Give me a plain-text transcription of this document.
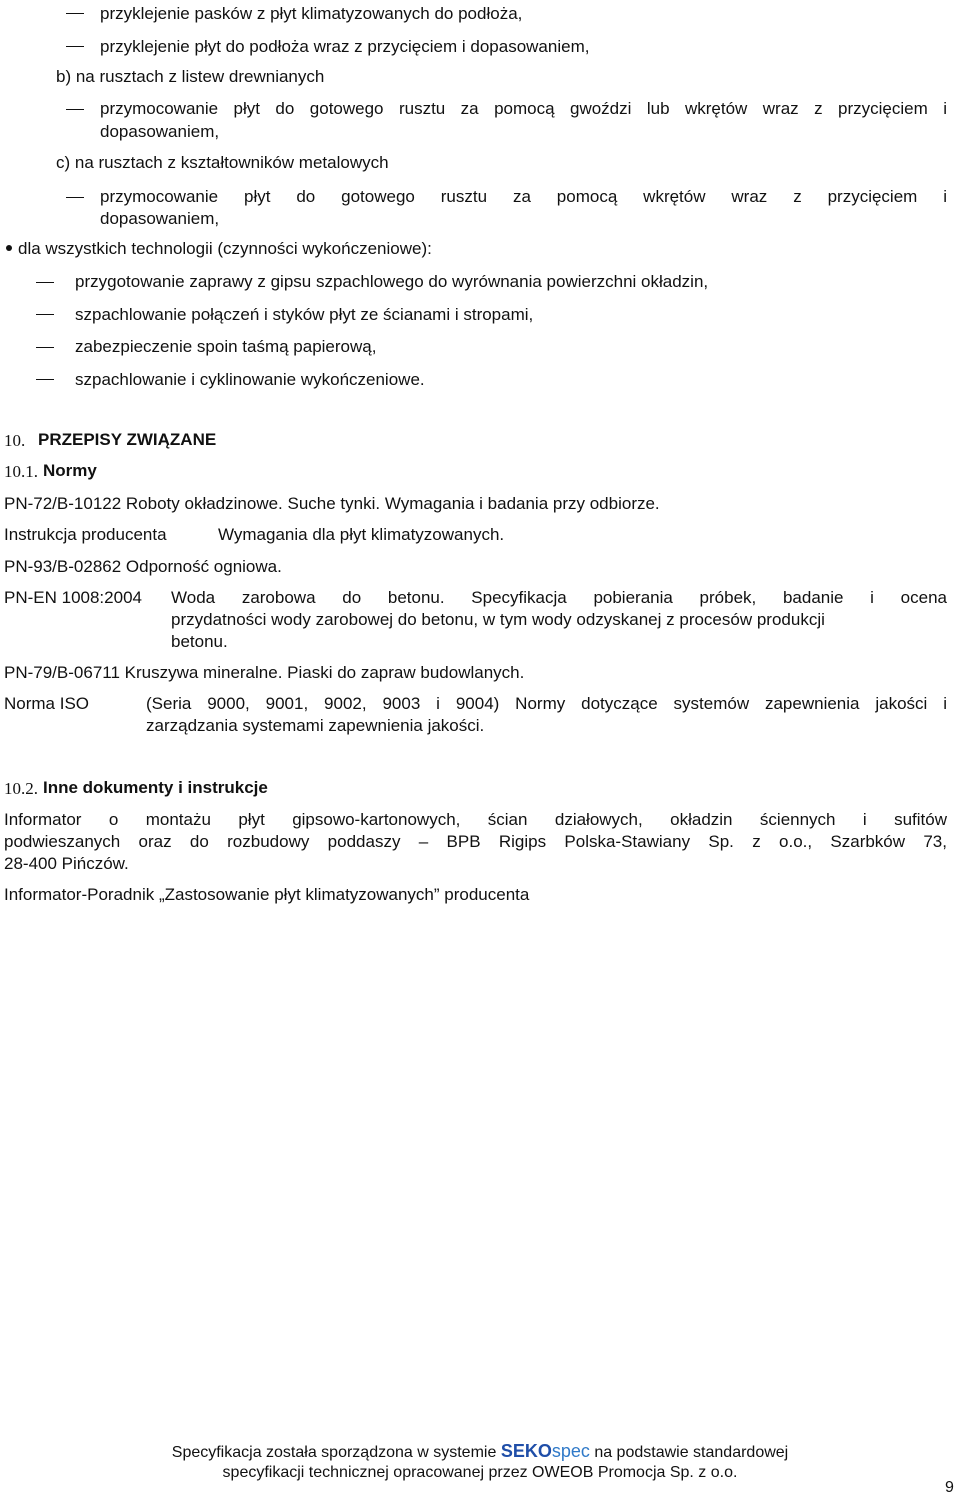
przyklejenie pasków z płyt klimatyzowanych do podłoża,
przyklejenie płyt do podłoża wraz z przycięciem i dopasowaniem,
b) na rusztach z listew drewnianych
przymocowanie płyt do gotowego rusztu za pomocą gwoździ lub wkrętów wraz z przycięciem i
dopasowaniem,
c) na rusztach z kształtowników metalowych
przymocowanie płyt do gotowego rusztu za pomocą wkrętów wraz z przycięciem i
dopasowaniem,
dla wszystkich technologii (czynności wykończeniowe):
przygotowanie zaprawy z gipsu szpachlowego do wyrównania powierzchni okładzin,
szpachlowanie połączeń i styków płyt ze ścianami i stropami,
zabezpieczenie spoin taśmą papierową,
szpachlowanie i cyklinowanie wykończeniowe.
10. PRZEPISY ZWIĄZANE
10.1. Normy
PN-72/B-10122 Roboty okładzinowe. Suche tynki. Wymagania i badania przy odbiorze.
Instrukcja producenta	Wymagania dla płyt klimatyzowanych.
PN-93/B-02862 Odporność ogniowa.
PN-EN 1008:2004 Woda zarobowa do betonu. Specyfikacja pobierania próbek, badanie i ocena
przydatności wody zarobowej do betonu, w tym wody odzyskanej z procesów produkcji
betonu.
PN-79/B-06711 Kruszywa mineralne. Piaski do zapraw budowlanych.
Norma ISO	(Seria 9000, 9001, 9002, 9003 i 9004) Normy dotyczące systemów zapewnienia jakości i
zarządzania systemami zapewnienia jakości.
10.2. Inne dokumenty i instrukcje
Informator o montażu płyt gipsowo-kartonowych, ścian działowych, okładzin ściennych i sufitów
podwieszanych oraz do rozbudowy poddaszy – BPB Rigips Polska-Stawiany Sp. z o.o., Szarbków 73,
28-400 Pińczów.
Informator-Poradnik „Zastosowanie płyt klimatyzowanych” producenta
Specyfikacja została sporządzona w systemie SEKOspec na podstawie standardowej
specyfikacji technicznej opracowanej przez OWEOB Promocja Sp. z o.o.
9
